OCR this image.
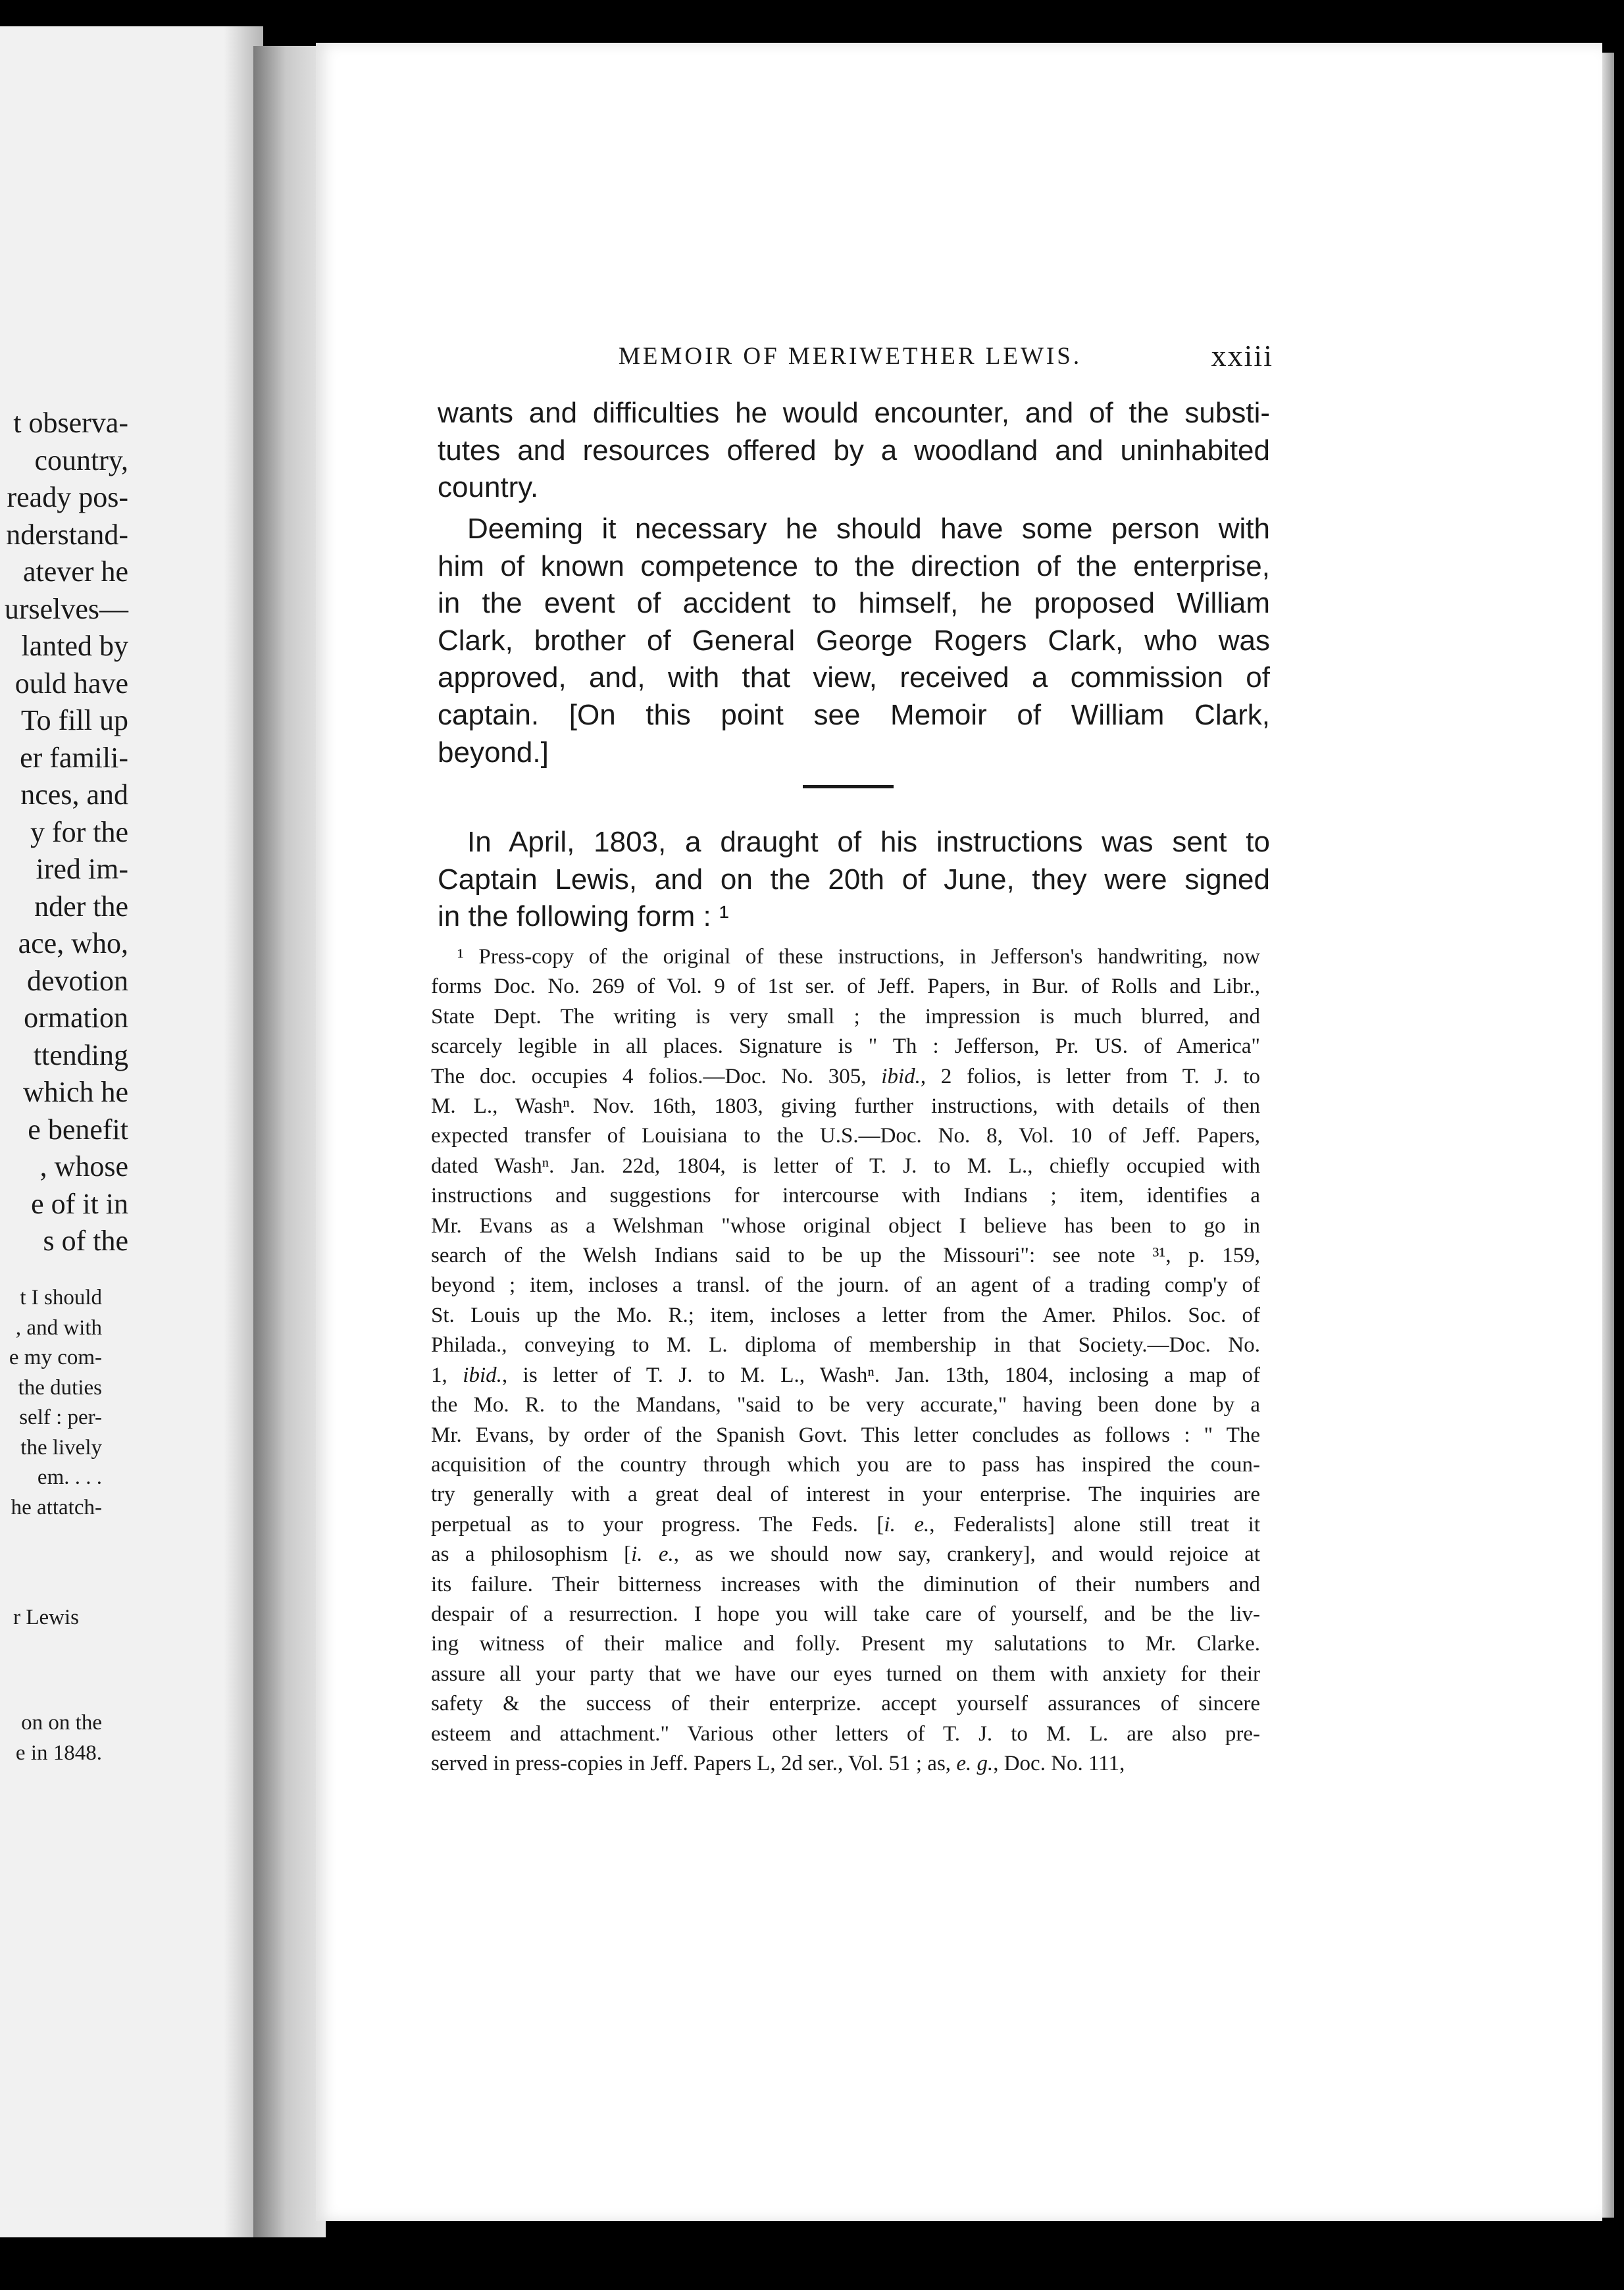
t observa-
country,
ready pos-
nderstand-
atever he
urselves—
lanted by
ould have
To fill up
er famili-
nces, and
y for the
ired im-
nder the
ace, who,
devotion
ormation
ttending
which he
e benefit
, whose
e of it in
s of the
t I should
, and with
e my com-
the duties
self : per-
the lively
em. . . .
he attatch-
r Lewis
on on the
e in 1848.
MEMOIR OF MERIWETHER LEWIS.	xxiii

wants and difficulties he would encounter, and of the substi-
tutes and resources offered by a woodland and uninhabited
country.

Deeming it necessary he should have some person with
him of known competence to the direction of the enterprise,
in the event of accident to himself, he proposed William
Clark, brother of General George Rogers Clark, who was
approved, and, with that view, received a commission of
captain. [On this point see Memoir of William Clark,
beyond.]

In April, 1803, a draught of his instructions was sent to
Captain Lewis, and on the 20th of June, they were signed
in the following form : ¹

¹ Press-copy of the original of these instructions, in Jefferson's handwriting, now
forms Doc. No. 269 of Vol. 9 of 1st ser. of Jeff. Papers, in Bur. of Rolls and Libr.,
State Dept. The writing is very small ; the impression is much blurred, and
scarcely legible in all places. Signature is " Th : Jefferson, Pr. US. of America"
The doc. occupies 4 folios.—Doc. No. 305, ibid., 2 folios, is letter from T. J. to
M. L., Washⁿ. Nov. 16th, 1803, giving further instructions, with details of then
expected transfer of Louisiana to the U.S.—Doc. No. 8, Vol. 10 of Jeff. Papers,
dated Washⁿ. Jan. 22d, 1804, is letter of T. J. to M. L., chiefly occupied with
instructions and suggestions for intercourse with Indians ; item, identifies a
Mr. Evans as a Welshman "whose original object I believe has been to go in
search of the Welsh Indians said to be up the Missouri": see note ³¹, p. 159,
beyond ; item, incloses a transl. of the journ. of an agent of a trading comp'y of
St. Louis up the Mo. R.; item, incloses a letter from the Amer. Philos. Soc. of
Philada., conveying to M. L. diploma of membership in that Society.—Doc. No.
1, ibid., is letter of T. J. to M. L., Washⁿ. Jan. 13th, 1804, inclosing a map of
the Mo. R. to the Mandans, "said to be very accurate," having been done by a
Mr. Evans, by order of the Spanish Govt. This letter concludes as follows : " The
acquisition of the country through which you are to pass has inspired the coun-
try generally with a great deal of interest in your enterprise. The inquiries are
perpetual as to your progress. The Feds. [i. e., Federalists] alone still treat it
as a philosophism [i. e., as we should now say, crankery], and would rejoice at
its failure. Their bitterness increases with the diminution of their numbers and
despair of a resurrection. I hope you will take care of yourself, and be the liv-
ing witness of their malice and folly. Present my salutations to Mr. Clarke.
assure all your party that we have our eyes turned on them with anxiety for their
safety & the success of their enterprize. accept yourself assurances of sincere
esteem and attachment." Various other letters of T. J. to M. L. are also pre-
served in press-copies in Jeff. Papers L, 2d ser., Vol. 51 ; as, e. g., Doc. No. 111,
